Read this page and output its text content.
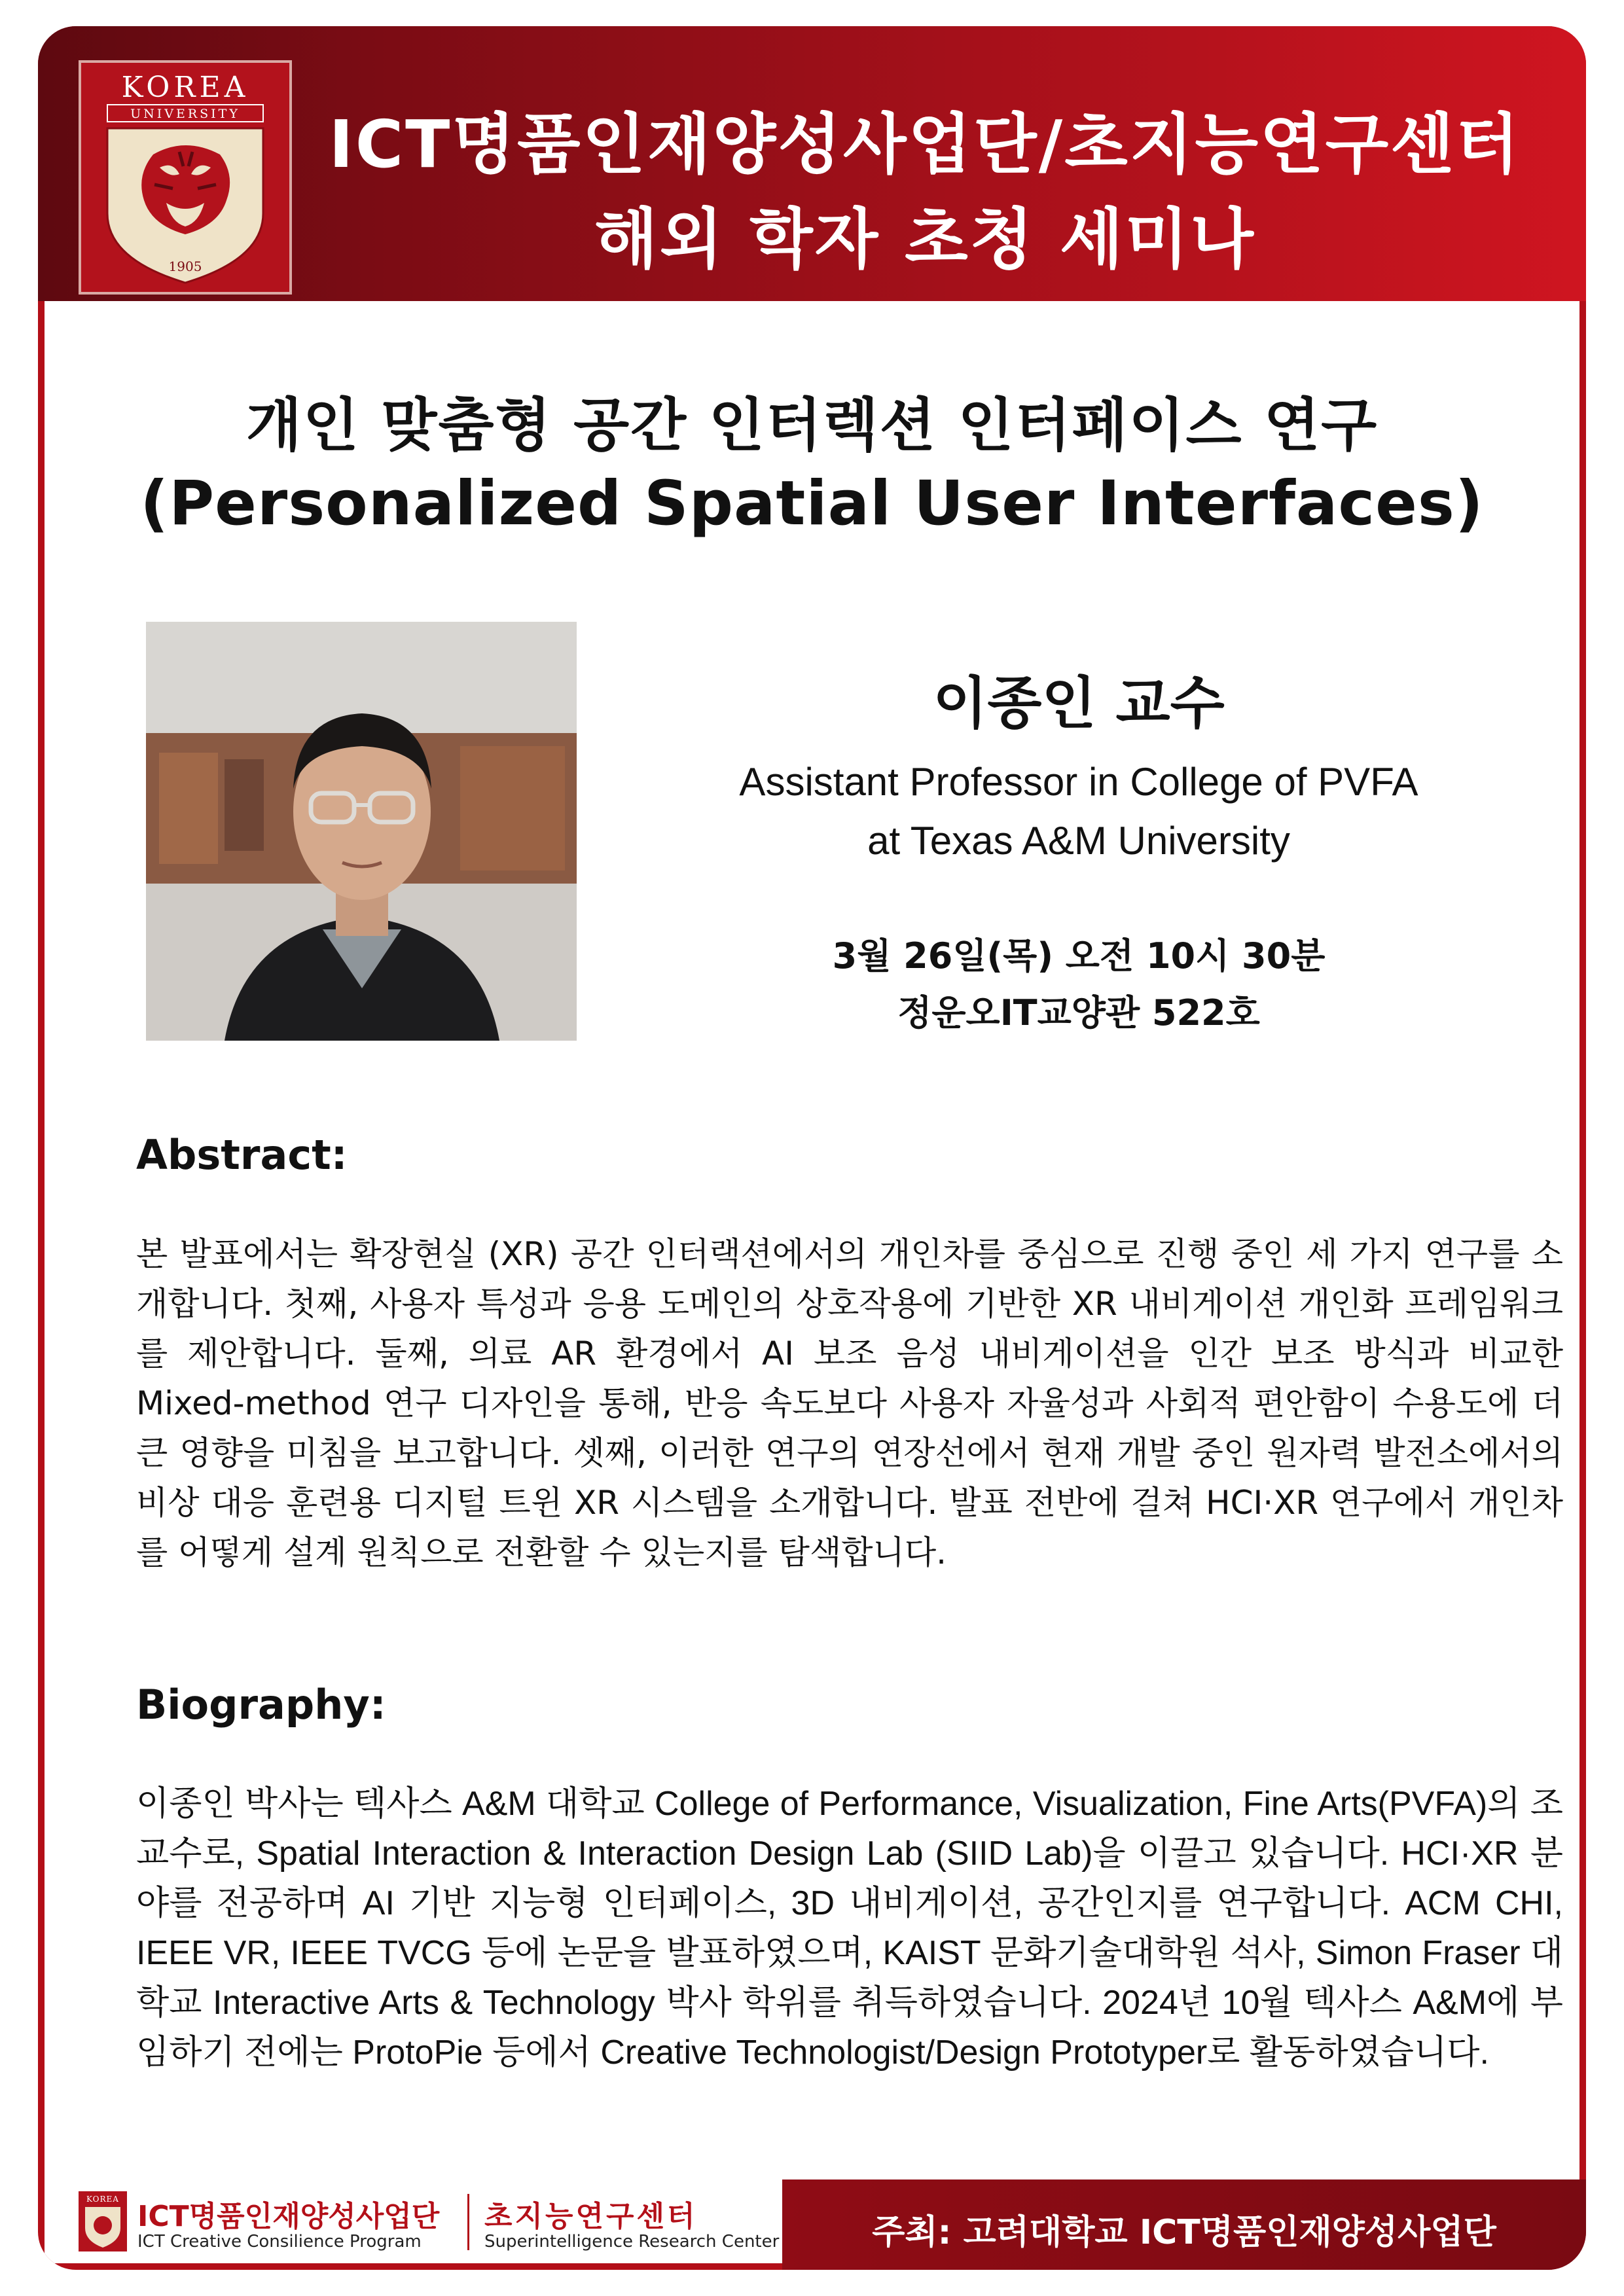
KOREA
UNIVERSITY
1905
ICT명품인재양성사업단/초지능연구센터
해외 학자 초청 세미나
개인 맞춤형 공간 인터렉션 인터페이스 연구
(Personalized Spatial User Interfaces)
이종인 교수
Assistant Professor in College of PVFA
at Texas A&M University
3월 26일(목) 오전 10시 30분
정운오IT교양관 522호
Abstract:
본 발표에서는 확장현실 (XR) 공간 인터랙션에서의 개인차를 중심으로 진행 중인 세 가지 연구를 소개합니다. 첫째, 사용자 특성과 응용 도메인의 상호작용에 기반한 XR 내비게이션 개인화 프레임워크를 제안합니다. 둘째, 의료 AR 환경에서 AI 보조 음성 내비게이션을 인간 보조 방식과 비교한 Mixed-method 연구 디자인을 통해, 반응 속도보다 사용자 자율성과 사회적 편안함이 수용도에 더 큰 영향을 미침을 보고합니다. 셋째, 이러한 연구의 연장선에서 현재 개발 중인 원자력 발전소에서의 비상 대응 훈련용 디지털 트윈 XR 시스템을 소개합니다. 발표 전반에 걸쳐 HCI·XR 연구에서 개인차를 어떻게 설계 원칙으로 전환할 수 있는지를 탐색합니다.
Biography:
이종인 박사는 텍사스 A&M 대학교 College of Performance, Visualization, Fine Arts(PVFA)의 조교수로, Spatial Interaction & Interaction Design Lab (SIID Lab)을 이끌고 있습니다. HCI·XR 분야를 전공하며 AI 기반 지능형 인터페이스, 3D 내비게이션, 공간인지를 연구합니다. ACM CHI, IEEE VR, IEEE TVCG 등에 논문을 발표하였으며, KAIST 문화기술대학원 석사, Simon Fraser 대학교 Interactive Arts & Technology 박사 학위를 취득하였습니다. 2024년 10월 텍사스 A&M에 부임하기 전에는 ProtoPie 등에서 Creative Technologist/Design Prototyper로 활동하였습니다.
KOREA
ICT명품인재양성사업단
ICT Creative Consilience Program
초지능연구센터
Superintelligence Research Center	주최: 고려대학교 ICT명품인재양성사업단
